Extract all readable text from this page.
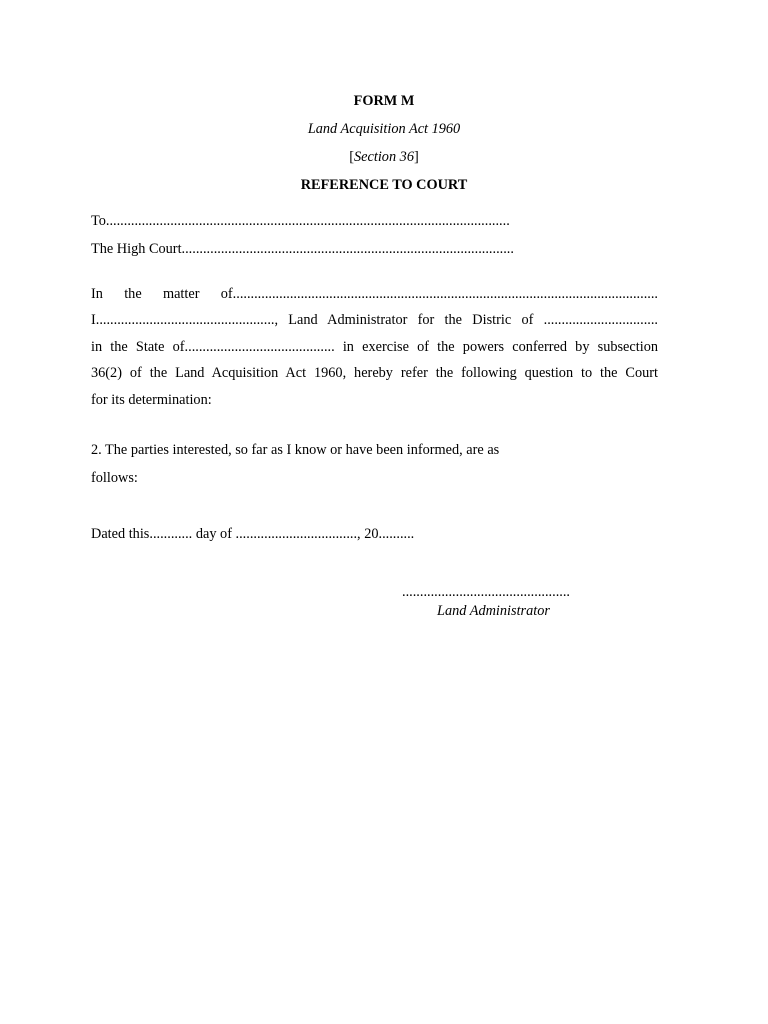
FORM M
Land Acquisition Act 1960
[Section 36]
REFERENCE TO COURT
To.................................................................................................................
The High Court.............................................................................................
In the matter of.......................................................................................................................
I.................................................., Land Administrator for the Distric of ................................
in the State of.......................................... in exercise of the powers conferred by subsection
36(2) of the Land Acquisition Act 1960, hereby refer the following question to the Court
for its determination:
2. The parties interested, so far as I know or have been informed, are as
follows:
Dated this............ day of .................................., 20..........
...............................................
Land Administrator
